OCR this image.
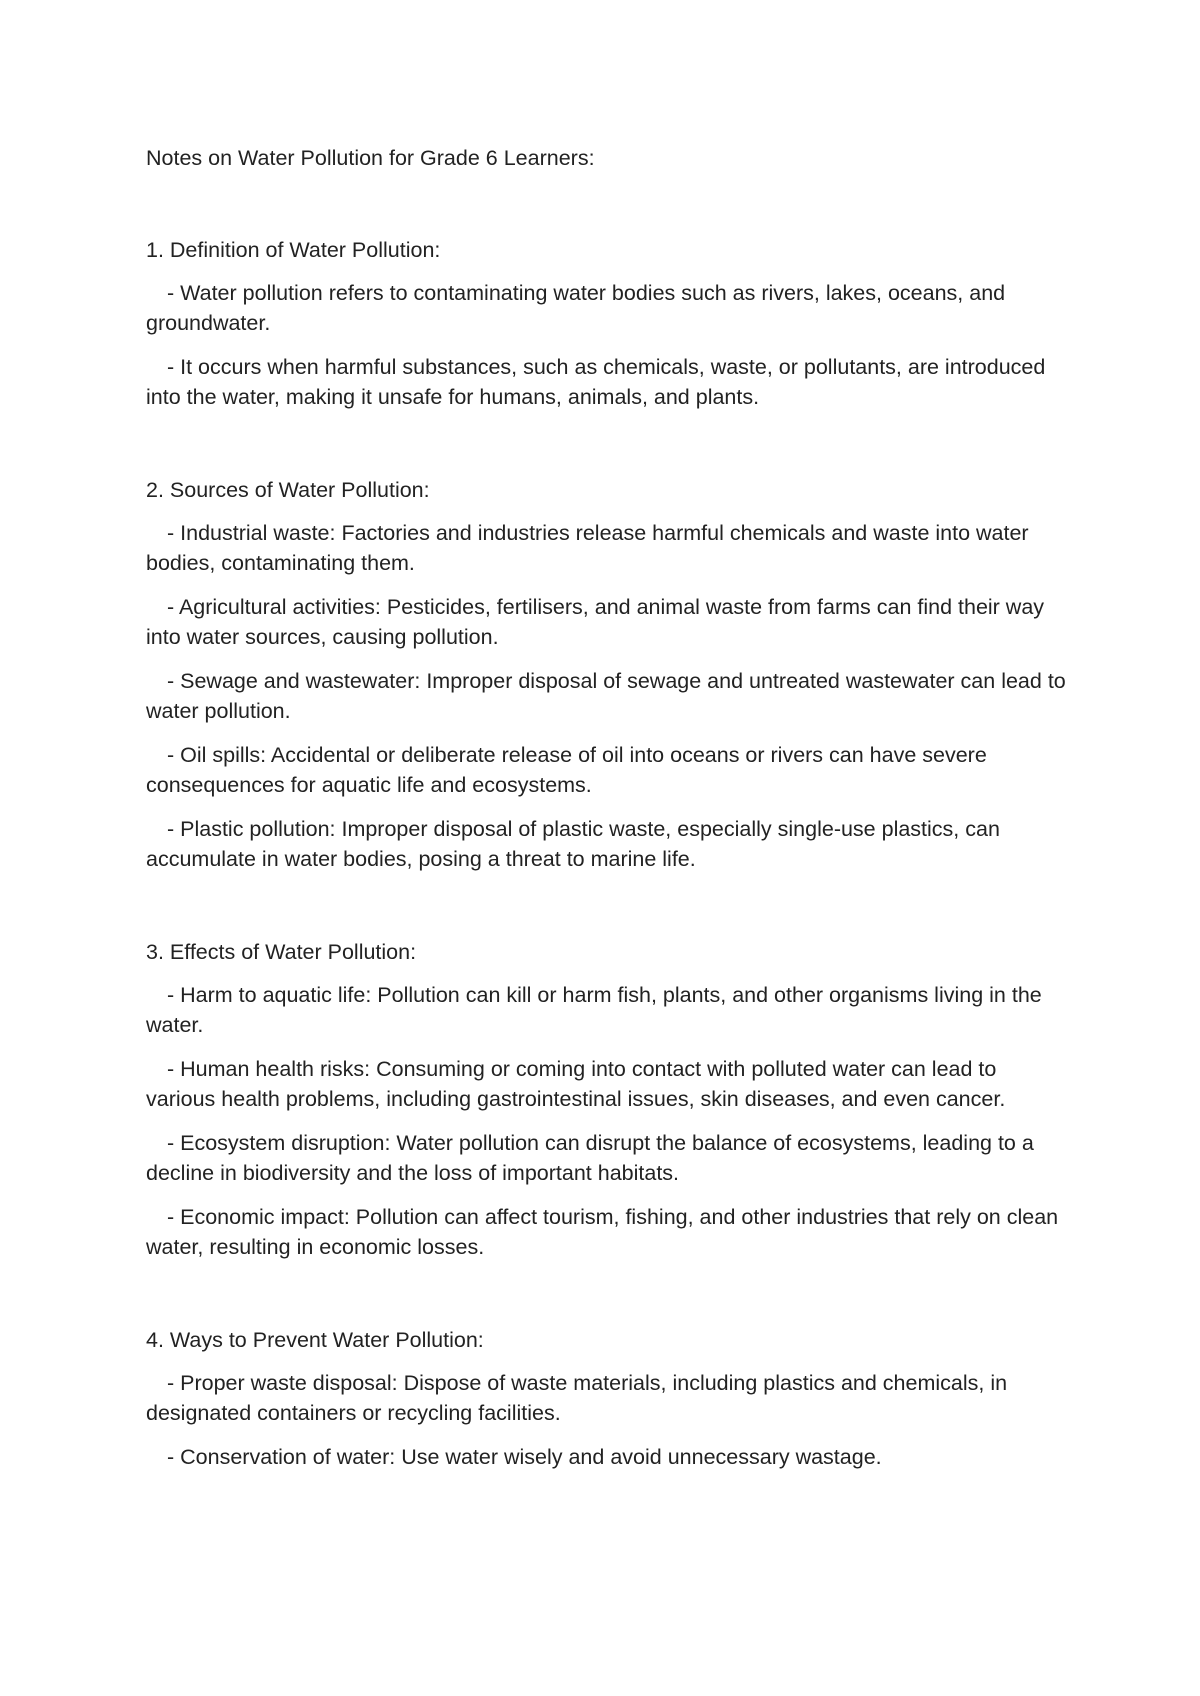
Notes on Water Pollution for Grade 6 Learners:

1. Definition of Water Pollution:

- Water pollution refers to contaminating water bodies such as rivers, lakes, oceans, and groundwater.

- It occurs when harmful substances, such as chemicals, waste, or pollutants, are introduced into the water, making it unsafe for humans, animals, and plants.

2. Sources of Water Pollution:

- Industrial waste: Factories and industries release harmful chemicals and waste into water bodies, contaminating them.

- Agricultural activities: Pesticides, fertilisers, and animal waste from farms can find their way into water sources, causing pollution.

- Sewage and wastewater: Improper disposal of sewage and untreated wastewater can lead to water pollution.

- Oil spills: Accidental or deliberate release of oil into oceans or rivers can have severe consequences for aquatic life and ecosystems.

- Plastic pollution: Improper disposal of plastic waste, especially single-use plastics, can accumulate in water bodies, posing a threat to marine life.

3. Effects of Water Pollution:

- Harm to aquatic life: Pollution can kill or harm fish, plants, and other organisms living in the water.

- Human health risks: Consuming or coming into contact with polluted water can lead to various health problems, including gastrointestinal issues, skin diseases, and even cancer.

- Ecosystem disruption: Water pollution can disrupt the balance of ecosystems, leading to a decline in biodiversity and the loss of important habitats.

- Economic impact: Pollution can affect tourism, fishing, and other industries that rely on clean water, resulting in economic losses.

4. Ways to Prevent Water Pollution:

- Proper waste disposal: Dispose of waste materials, including plastics and chemicals, in designated containers or recycling facilities.

- Conservation of water: Use water wisely and avoid unnecessary wastage.
